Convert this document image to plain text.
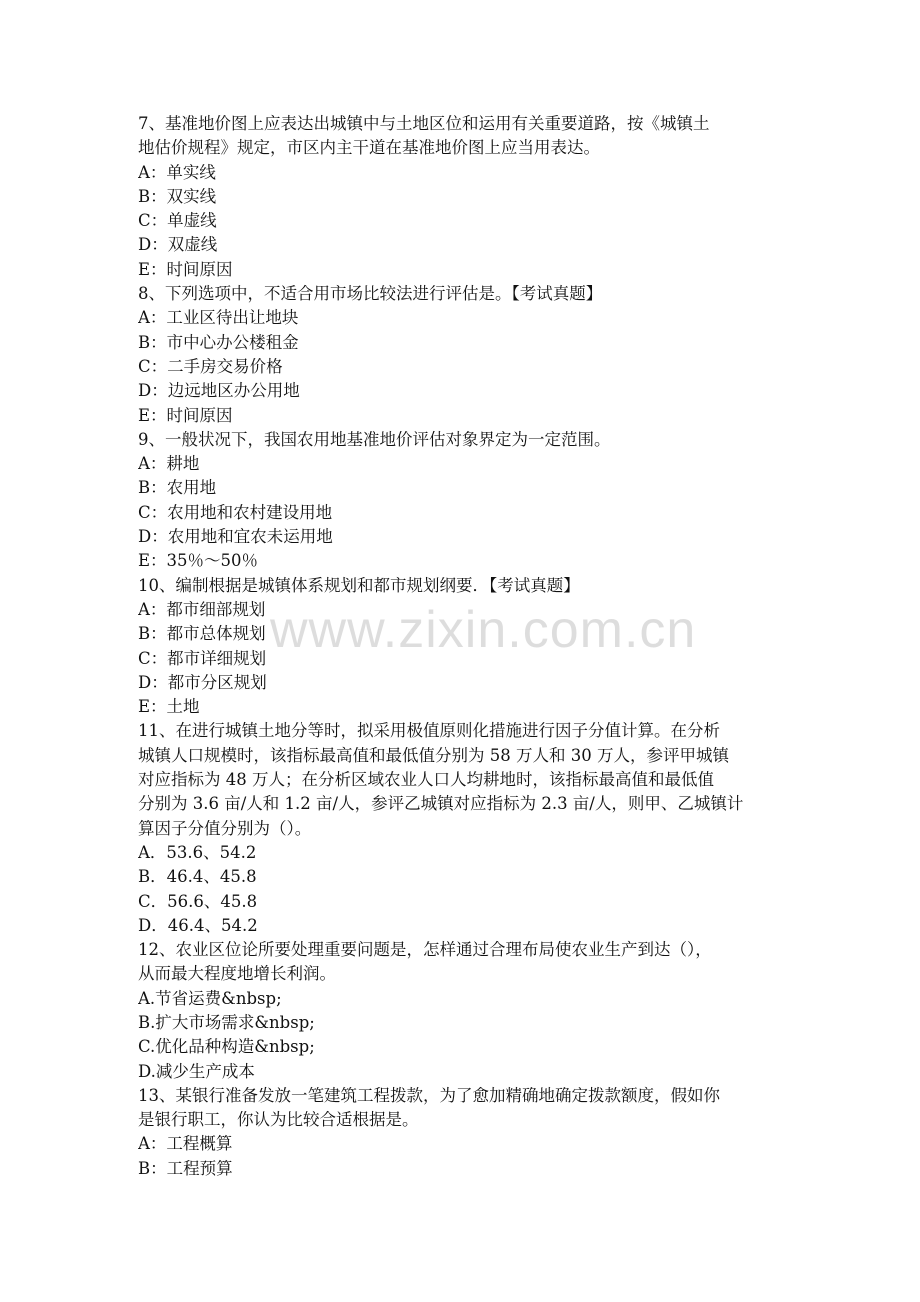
www.zixin.com.cn
7、基准地价图上应表达出城镇中与土地区位和运用有关重要道路，按《城镇土
地估价规程》规定，市区内主干道在基准地价图上应当用表达。
A：单实线
B：双实线
C：单虚线
D：双虚线
E：时间原因
8、下列选项中，不适合用市场比较法进行评估是。【考试真题】
A：工业区待出让地块
B：市中心办公楼租金
C：二手房交易价格
D：边远地区办公用地
E：时间原因
9、一般状况下，我国农用地基准地价评估对象界定为一定范围。
A：耕地
B：农用地
C：农用地和农村建设用地
D：农用地和宜农未运用地
E：35％～50％
10、编制根据是城镇体系规划和都市规划纲要．【考试真题】
A：都市细部规划
B：都市总体规划
C：都市详细规划
D：都市分区规划
E：土地
11、在进行城镇土地分等时，拟采用极值原则化措施进行因子分值计算。在分析
城镇人口规模时，该指标最高值和最低值分别为 58 万人和 30 万人，参评甲城镇
对应指标为 48 万人；在分析区域农业人口人均耕地时，该指标最高值和最低值
分别为 3.6 亩/人和 1.2 亩/人，参评乙城镇对应指标为 2.3 亩/人，则甲、乙城镇计
算因子分值分别为（）。
A．53.6、54.2
B．46.4、45.8
C．56.6、45.8
D．46.4、54.2
12、农业区位论所要处理重要问题是，怎样通过合理布局使农业生产到达（），
从而最大程度地增长利润。
A.节省运费&nbsp;
B.扩大市场需求&nbsp;
C.优化品种构造&nbsp;
D.减少生产成本
13、某银行准备发放一笔建筑工程拨款，为了愈加精确地确定拨款额度，假如你
是银行职工，你认为比较合适根据是。
A：工程概算
B：工程预算
